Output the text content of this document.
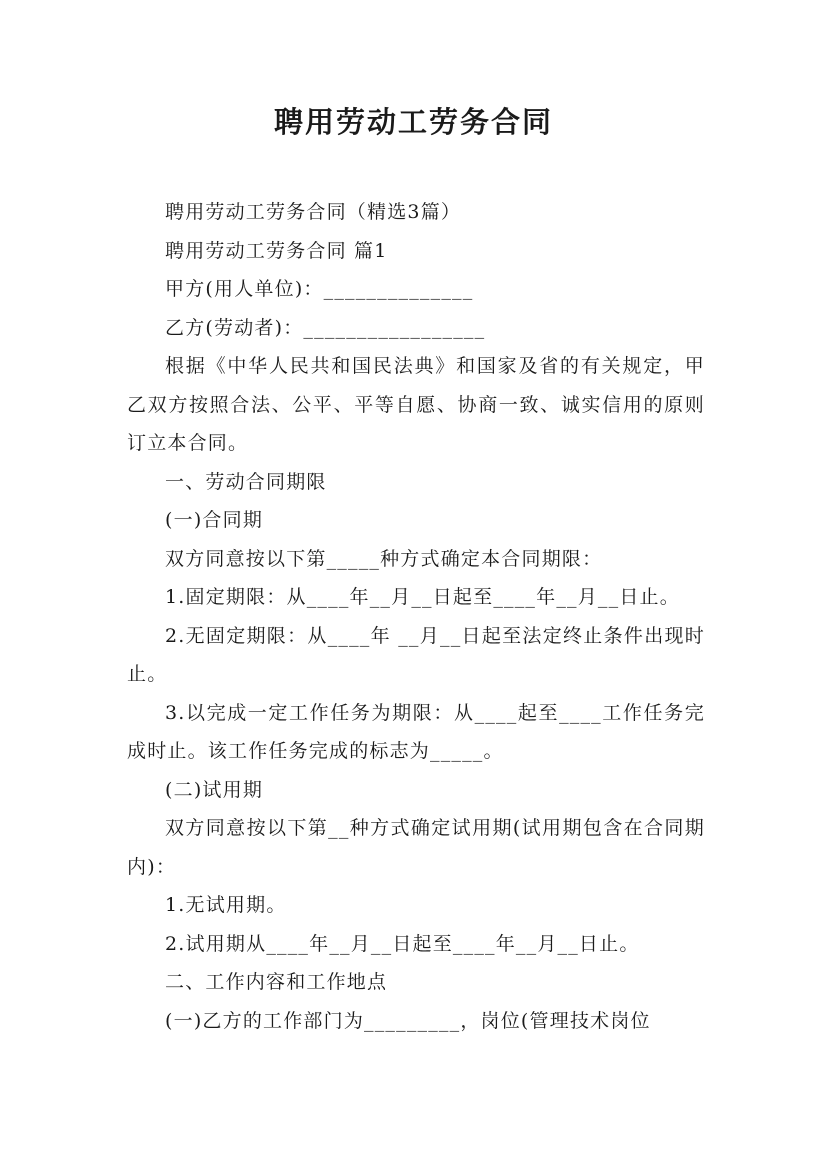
聘用劳动工劳务合同

聘用劳动工劳务合同（精选3篇）

聘用劳动工劳务合同 篇1

甲方(用人单位)：______________

乙方(劳动者)：_________________

根据《中华人民共和国民法典》和国家及省的有关规定，甲乙双方按照合法、公平、平等自愿、协商一致、诚实信用的原则订立本合同。

一、劳动合同期限

(一)合同期

双方同意按以下第_____种方式确定本合同期限：

1.固定期限：从____年__月__日起至____年__月__日止。

2.无固定期限：从____年 __月__日起至法定终止条件出现时止。

3.以完成一定工作任务为期限：从____起至____工作任务完成时止。该工作任务完成的标志为_____。

(二)试用期

双方同意按以下第__种方式确定试用期(试用期包含在合同期内)：

1.无试用期。

2.试用期从____年__月__日起至____年__月__日止。

二、工作内容和工作地点

(一)乙方的工作部门为_________，岗位(管理技术岗位
